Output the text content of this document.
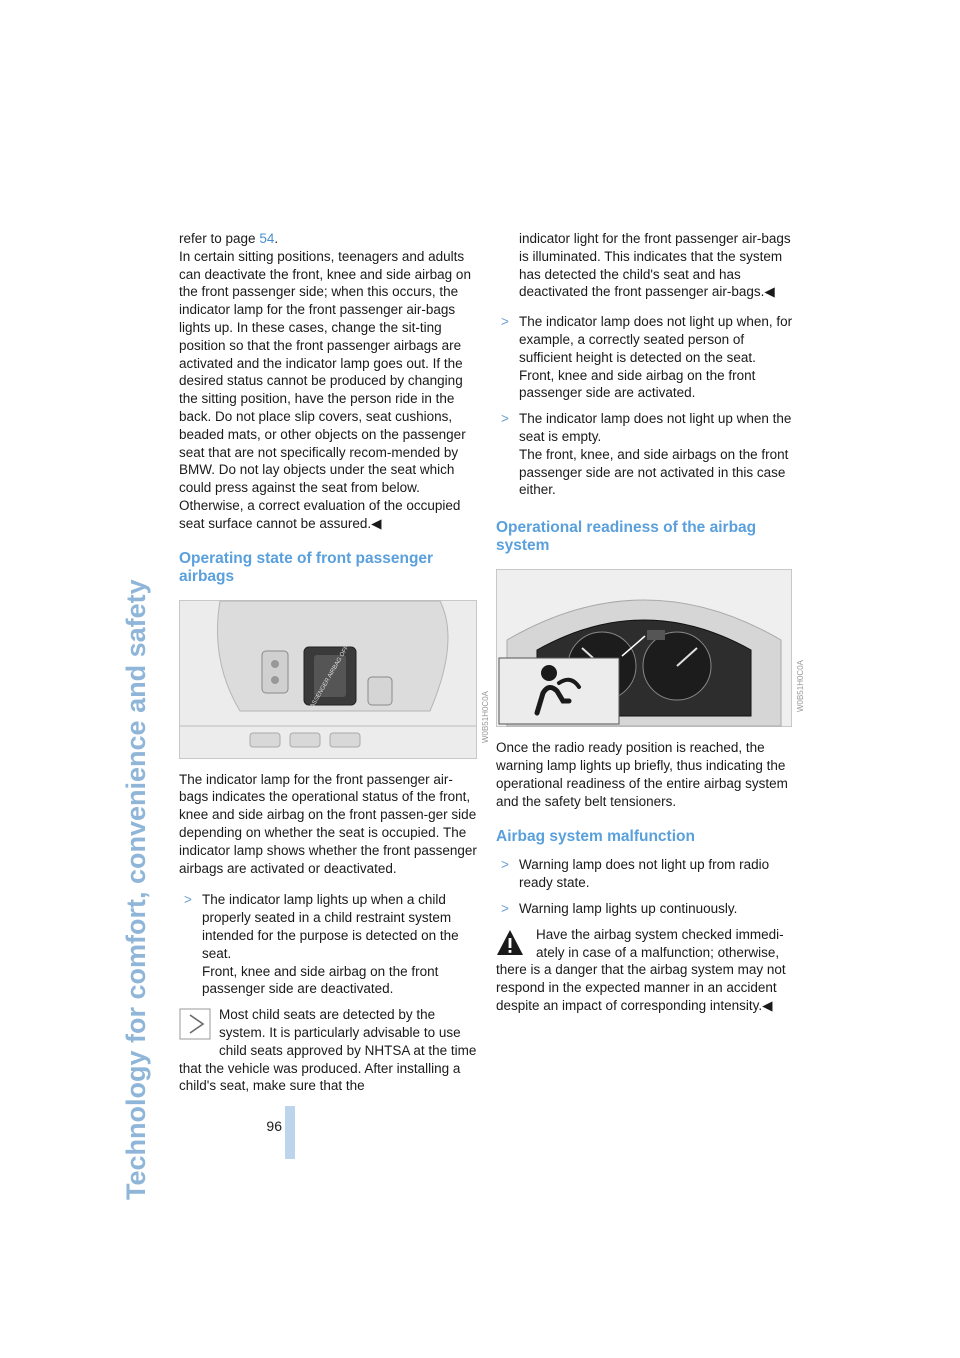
Technology for comfort, convenience and safety	96

refer to page 54.

In certain sitting positions, teenagers and adults can deactivate the front, knee and side airbag on the front passenger side; when this occurs, the indicator lamp for the front passenger air-bags lights up. In these cases, change the sit-ting position so that the front passenger airbags are activated and the indicator lamp goes out. If the desired status cannot be produced by changing the sitting position, have the person ride in the back. Do not place slip covers, seat cushions, beaded mats, or other objects on the passenger seat that are not specifically recom-mended by BMW. Do not lay objects under the seat which could press against the seat from below. Otherwise, a correct evaluation of the occupied seat surface cannot be assured.◀

Operating state of front passenger airbags
PASSENGER AIRBAG OFF
W0B51H0C0A

The indicator lamp for the front passenger air-bags indicates the operational status of the front, knee and side airbag on the front passen-ger side depending on whether the seat is occupied. The indicator lamp shows whether the front passenger airbags are activated or deactivated.

> The indicator lamp lights up when a child properly seated in a child restraint system intended for the purpose is detected on the seat.
Front, knee and side airbag on the front passenger side are deactivated.
Most child seats are detected by the system. It is particularly advisable to use child seats approved by NHTSA at the time that the vehicle was produced. After installing a child's seat, make sure that the

indicator light for the front passenger air-bags is illuminated. This indicates that the system has detected the child's seat and has deactivated the front passenger air-bags.◀

> The indicator lamp does not light up when, for example, a correctly seated person of sufficient height is detected on the seat.
Front, knee and side airbag on the front passenger side are activated.
> The indicator lamp does not light up when the seat is empty.
The front, knee, and side airbags on the front passenger side are not activated in this case either.
Operational readiness of the airbag system
W0B51H0C0A

Once the radio ready position is reached, the warning lamp lights up briefly, thus indicating the operational readiness of the entire airbag system and the safety belt tensioners.

Airbag system malfunction
> Warning lamp does not light up from radio ready state.
> Warning lamp lights up continuously.
Have the airbag system checked immedi-ately in case of a malfunction; otherwise, there is a danger that the airbag system may not respond in the expected manner in an accident despite an impact of corresponding intensity.◀
